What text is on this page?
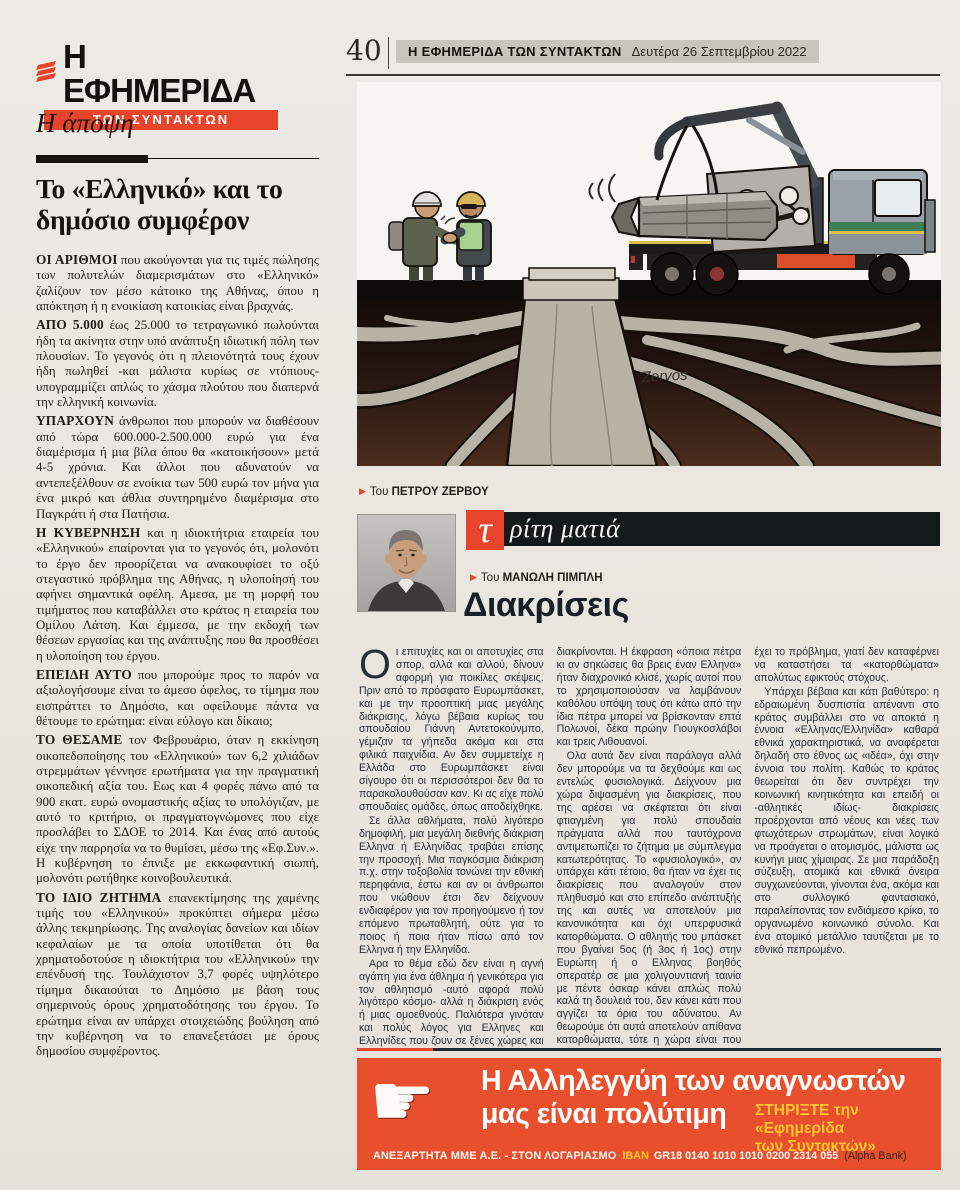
Η ΕΦΗΜΕΡΙΔΑ
ΤΩΝ ΣΥΝΤΑΚΤΩΝ
40 Η ΕΦΗΜΕΡΙΔΑ ΤΩΝ ΣΥΝΤΑΚΤΩΝ Δευτέρα 26 Σεπτεμβρίου 2022
Η άποψη
Το «Ελληνικό» και το δημόσιο συμφέρον

ΟΙ ΑΡΙΘΜΟΙ που ακούγονται για τις τιμές πώλησης των πολυτελών διαμερισμάτων στο «Ελληνικό» ζαλίζουν τον μέσο κάτοικο της Αθήνας, όπου η απόκτηση ή η ενοικίαση κατοικίας είναι βραχνάς.

ΑΠΟ 5.000 έως 25.000 το τετραγωνικό πωλούνται ήδη τα ακίνητα στην υπό ανάπτυξη ιδιωτική πόλη των πλουσίων. Το γεγονός ότι η πλειονότητά τους έχουν ήδη πωληθεί -και μάλιστα κυρίως σε ντόπιους- υπογραμμίζει απλώς το χάσμα πλούτου που διαπερνά την ελληνική κοινωνία.

ΥΠΑΡΧΟΥΝ άνθρωποι που μπορούν να διαθέσουν από τώρα 600.000-2.500.000 ευρώ για ένα διαμέρισμα ή μια βίλα όπου θα «κατοικήσουν» μετά 4-5 χρόνια. Και άλλοι που αδυνατούν να αντεπεξέλθουν σε ενοίκια των 500 ευρώ τον μήνα για ένα μικρό και άθλια συντηρημένο διαμέρισμα στο Παγκράτι ή στα Πατήσια.

Η ΚΥΒΕΡΝΗΣΗ και η ιδιοκτήτρια εταιρεία του «Ελληνικού» επαίρονται για το γεγονός ότι, μολονότι το έργο δεν προορίζεται να ανακουφίσει το οξύ στεγαστικό πρόβλημα της Αθήνας, η υλοποίησή του αφήνει σημαντικά οφέλη. Αμεσα, με τη μορφή του τιμήματος που καταβάλλει στο κράτος η εταιρεία του Ομίλου Λάτση. Και έμμεσα, με την εκδοχή των θέσεων εργασίας και της ανάπτυξης που θα προσθέσει η υλοποίηση του έργου.

ΕΠΕΙΔΗ ΑΥΤΟ που μπορούμε προς το παρόν να αξιολογήσουμε είναι το άμεσο όφελος, το τίμημα που εισπράττει το Δημόσιο, και οφείλουμε πάντα να θέτουμε το ερώτημα: είναι εύλογο και δίκαιο;

ΤΟ ΘΕΣΑΜΕ τον Φεβρουάριο, όταν η εκκίνηση οικοπεδοποίησης του «Ελληνικού» των 6,2 χιλιάδων στρεμμάτων γέννησε ερωτήματα για την πραγματική οικοπεδική αξία του. Εως και 4 φορές πάνω από τα 900 εκατ. ευρώ ονομαστικής αξίας το υπολόγιζαν, με αυτό το κριτήριο, οι πραγματογνώμονες που είχε προσλάβει το ΣΔΟΕ το 2014. Και ένας από αυτούς είχε την παρρησία να το θυμίσει, μέσω της «Εφ.Συν.». Η κυβέρνηση το έπνιξε με εκκωφαντική σιωπή, μολονότι ρωτήθηκε κοινοβουλευτικά.

ΤΟ ΙΔΙΟ ΖΗΤΗΜΑ επανεκτίμησης της χαμένης τιμής του «Ελληνικού» προκύπτει σήμερα μέσω άλλης τεκμηρίωσης. Της αναλογίας δανείων και ιδίων κεφαλαίων με τα οποία υποτίθεται ότι θα χρηματοδοτούσε η ιδιοκτήτρια του «Ελληνικού» την επένδυσή της. Τουλάχιστον 3,7 φορές υψηλότερο τίμημα δικαιούται το Δημόσιο με βάση τους σημερινούς όρους χρηματοδότησης του έργου. Το ερώτημα είναι αν υπάρχει στοιχειώδης βούληση από την κυβέρνηση να το επανεξετάσει με όρους δημοσίου συμφέροντος.

Zervos
▶ Του ΠΕΤΡΟΥ ΖΕΡΒΟΥ
τ ρίτη ματιά
▶ Του ΜΑΝΩΛΗ ΠΙΜΠΛΗ
Διακρίσεις

Οι επιτυχίες και οι αποτυχίες στα σπορ, αλλά και αλλού, δίνουν αφορμή για ποικίλες σκέψεις. Πριν από το πρόσφατο Ευρωμπάσκετ, και με την προοπτική μιας μεγάλης διάκρισης, λόγω βέβαια κυρίως του σπουδαίου Γιάννη Αντετοκούνμπο, γέμιζαν τα γήπεδα ακόμα και στα φιλικά παιχνίδια. Αν δεν συμμετείχε η Ελλάδα στο Ευρωμπάσκετ είναι σίγουρο ότι οι περισσότεροι δεν θα το παρακολουθούσαν καν. Κι ας είχε πολύ σπουδαίες ομάδες, όπως αποδείχθηκε.

Σε άλλα αθλήματα, πολύ λιγότερο δημοφιλή, μια μεγάλη διεθνής διάκριση Ελληνα ή Ελληνίδας τραβάει επίσης την προσοχή. Μια παγκόσμια διάκριση π.χ. στην τοξοβολία τονώνει την εθνική περηφάνια, έστω και αν οι άνθρωποι που νιώθουν έτσι δεν δείχνουν ενδιαφέρον για τον προηγούμενο ή τον επόμενο πρωταθλητή, ούτε για το ποιος ή ποια ήταν πίσω από τον Ελληνα ή την Ελληνίδα.

Αρα το θέμα εδώ δεν είναι η αγνή αγάπη για ένα άθλημα ή γενικότερα για τον αθλητισμό -αυτό αφορά πολύ λιγότερο κόσμο- αλλά η διάκριση ενός ή μιας ομοεθνούς. Παλιότερα γινόταν και πολύς λόγος για Ελληνες και Ελληνίδες που ζουν σε ξένες χώρες και διακρίνονται. Η έκφραση «όποια πέτρα κι αν σηκώσεις θα βρεις έναν Ελληνα» ήταν διαχρονικό κλισέ, χωρίς αυτοί που το χρησιμοποιούσαν να λαμβάνουν καθόλου υπόψη τους ότι κάτω από την ίδια πέτρα μπορεί να βρίσκονταν επτά Πολωνοί, δέκα πρώην Γιουγκοσλάβοι και τρεις Λιθουανοί.

Ολα αυτά δεν είναι παράλογα αλλά δεν μπορούμε να τα δεχθούμε και ως εντελώς φυσιολογικά. Δείχνουν μια χώρα διψασμένη για διακρίσεις, που της αρέσει να σκέφτεται ότι είναι φτιαγμένη για πολύ σπουδαία πράγματα αλλά που ταυτόχρονα αντιμετωπίζει το ζήτημα με σύμπλεγμα κατωτερότητας. Το «φυσιολογικό», αν υπάρχει κάτι τέτοιο, θα ήταν να έχει τις διακρίσεις που αναλογούν στον πληθυσμό και στο επίπεδο ανάπτυξής της και αυτές να αποτελούν μια κανονικότητα και όχι υπερφυσικά κατορθώματα. Ο αθλητής του μπάσκετ που βγαίνει 5ος (ή 3ος ή 1ος) στην Ευρώπη ή ο Ελληνας βοηθός οπερατέρ σε μια χολιγουντιανή ταινία με πέντε όσκαρ κάνει απλώς πολύ καλά τη δουλειά του, δεν κάνει κάτι που αγγίζει τα όρια του αδύνατου. Αν θεωρούμε ότι αυτά αποτελούν απίθανα κατορθώματα, τότε η χώρα είναι που έχει το πρόβλημα, γιατί δεν καταφέρνει να καταστήσει τα «κατορθώματα» απολύτως εφικτούς στόχους.

Υπάρχει βέβαια και κάτι βαθύτερο: η εδραιωμένη δυσπιστία απέναντι στο κράτος συμβάλλει στο να αποκτά η έννοια «Ελληνας/Ελληνίδα» καθαρά εθνικά χαρακτηριστικά, να αναφέρεται δηλαδή στο έθνος ως «ιδέα», όχι στην έννοια του πολίτη. Καθώς το κράτος θεωρείται ότι δεν συντρέχει την κοινωνική κινητικότητα και επειδή οι -αθλητικές ιδίως- διακρίσεις προέρχονται από νέους και νέες των φτωχότερων στρωμάτων, είναι λογικό να προάγεται ο ατομισμός, μάλιστα ως κυνήγι μιας χίμαιρας. Σε μια παράδοξη σύζευξη, ατομικά και εθνικά όνειρα συγχωνεύονται, γίνονται ένα, ακόμα και στο συλλογικό φαντασιακό, παραλείποντας τον ενδιάμεσο κρίκο, το οργανωμένο κοινωνικό σύνολο. Και ένα ατομικό μετάλλιο ταυτίζεται με το εθνικό πεπρωμένο.

☛ Η Αλληλεγγύη των αναγνωστών
μας είναι πολύτιμη	ΣΤΗΡΙΞΤΕ την «Εφημερίδα
των Συντακτών»
ΑΝΕΞΑΡΤΗΤΑ ΜΜΕ Α.Ε. - ΣΤΟΝ ΛΟΓΑΡΙΑΣΜΟ IBAN GR18 0140 1010 1010 0200 2314 055 (Alpha Bank)
